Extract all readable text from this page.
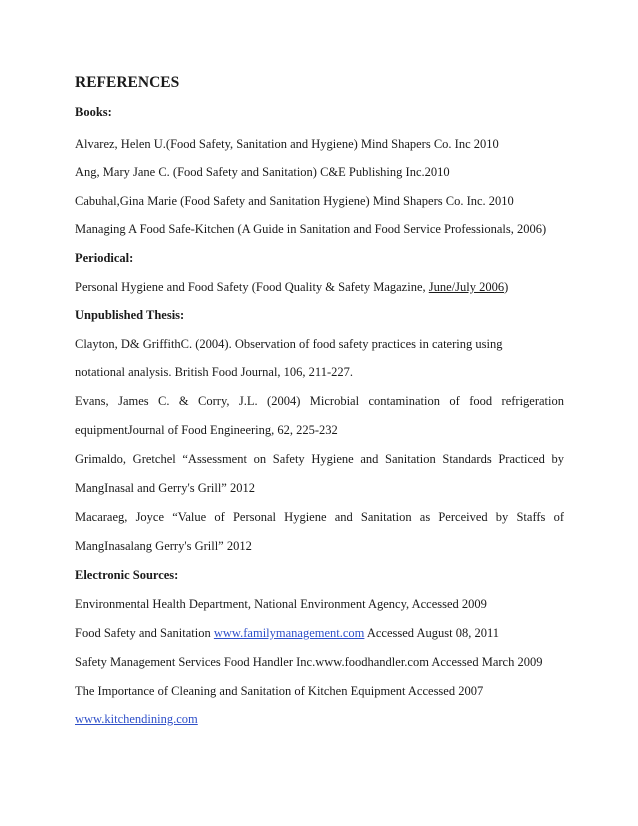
REFERENCES
Books:
Alvarez, Helen U.(Food Safety, Sanitation and Hygiene) Mind Shapers Co. Inc 2010
Ang, Mary Jane C. (Food Safety and Sanitation) C&E Publishing Inc.2010
Cabuhal,Gina Marie (Food Safety and Sanitation Hygiene) Mind Shapers Co. Inc. 2010
Managing A Food Safe-Kitchen (A Guide in Sanitation and Food Service Professionals, 2006)
Periodical:
Personal Hygiene and Food Safety (Food Quality & Safety Magazine, June/July 2006)
Unpublished Thesis:
Clayton, D& GriffithC. (2004). Observation of food safety practices in catering using
notational analysis. British Food Journal, 106, 211-227.
Evans, James C. & Corry, J.L. (2004) Microbial contamination of food refrigeration
equipmentJournal of Food Engineering, 62, 225-232
Grimaldo, Gretchel “Assessment on Safety Hygiene and Sanitation Standards Practiced by
MangInasal and Gerry's Grill” 2012
Macaraeg, Joyce “Value of Personal Hygiene and Sanitation as Perceived by Staffs of
MangInasalang Gerry's Grill” 2012
Electronic Sources:
Environmental Health Department, National Environment Agency, Accessed 2009
Food Safety and Sanitation www.familymanagement.com Accessed August 08, 2011
Safety Management Services Food Handler Inc.www.foodhandler.com Accessed March 2009
The Importance of Cleaning and Sanitation of Kitchen Equipment Accessed 2007
www.kitchendining.com
